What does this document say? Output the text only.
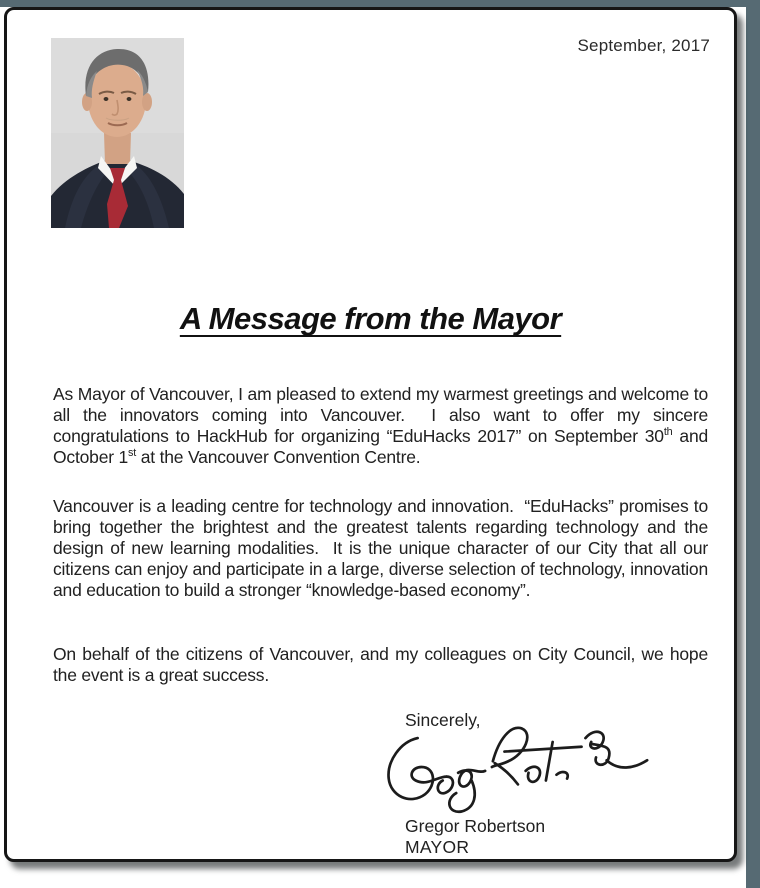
September, 2017
A Message from the Mayor

As Mayor of Vancouver, I am pleased to extend my warmest greetings and welcome to all the innovators coming into Vancouver.  I also want to offer my sincere congratulations to HackHub for organizing “EduHacks 2017” on September 30th and October 1st at the Vancouver Convention Centre.

Vancouver is a leading centre for technology and innovation.  “EduHacks” promises to bring together the brightest and the greatest talents regarding technology and the design of new learning modalities.  It is the unique character of our City that all our citizens can enjoy and participate in a large, diverse selection of technology, innovation and education to build a stronger “knowledge-based economy”.

On behalf of the citizens of Vancouver, and my colleagues on City Council, we hope the event is a great success.

Sincerely,
Gregor Robertson
MAYOR
